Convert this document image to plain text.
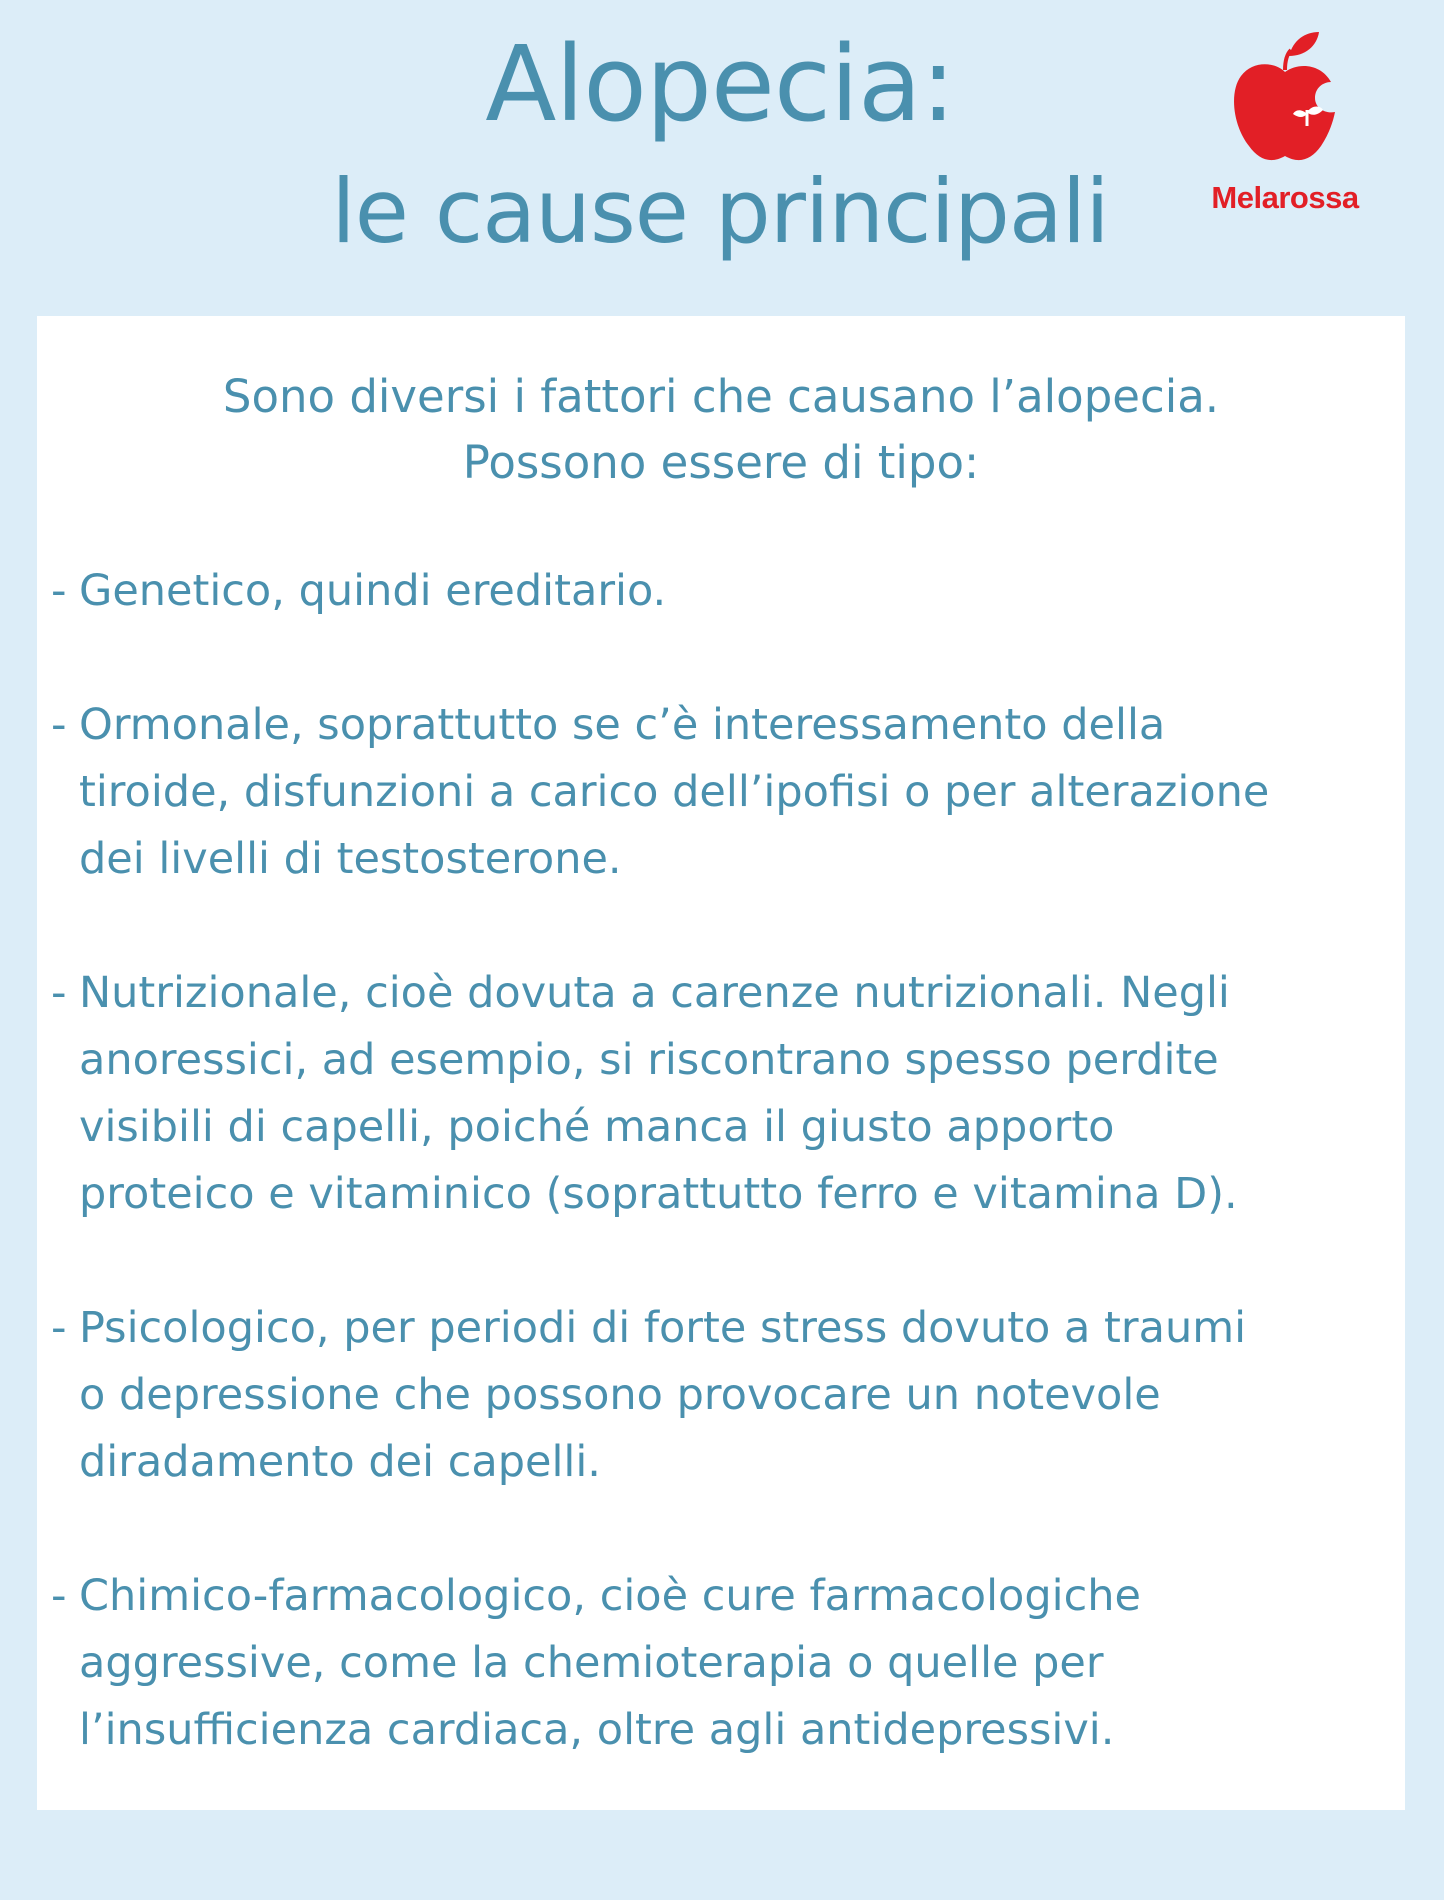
Alopecia:
le cause principali	Melarossa
Sono diversi i fattori che causano l’alopecia.
Possono essere di tipo:
- Genetico, quindi ereditario.
- Ormonale, soprattutto se c’è interessamento della
tiroide, disfunzioni a carico dell’ipofisi o per alterazione
dei livelli di testosterone.
- Nutrizionale, cioè dovuta a carenze nutrizionali. Negli
anoressici, ad esempio, si riscontrano spesso perdite
visibili di capelli, poiché manca il giusto apporto
proteico e vitaminico (soprattutto ferro e vitamina D).
- Psicologico, per periodi di forte stress dovuto a traumi
o depressione che possono provocare un notevole
diradamento dei capelli.
- Chimico-farmacologico, cioè cure farmacologiche
aggressive, come la chemioterapia o quelle per
l’insufficienza cardiaca, oltre agli antidepressivi.
